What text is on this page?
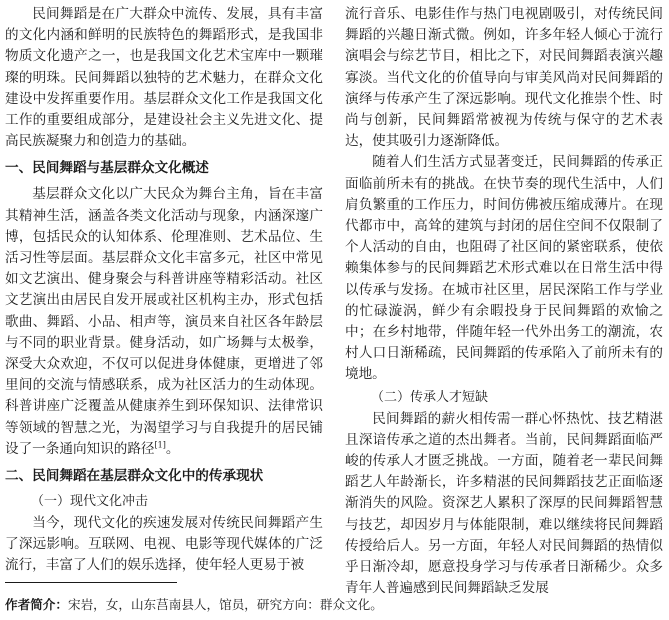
民间舞蹈是在广大群众中流传、发展，具有丰富的文化内涵和鲜明的民族特色的舞蹈形式，是我国非物质文化遗产之一，也是我国文化艺术宝库中一颗璀璨的明珠。民间舞蹈以独特的艺术魅力，在群众文化建设中发挥重要作用。基层群众文化工作是我国文化工作的重要组成部分，是建设社会主义先进文化、提高民族凝聚力和创造力的基础。

一、民间舞蹈与基层群众文化概述

基层群众文化以广大民众为舞台主角，旨在丰富其精神生活，涵盖各类文化活动与现象，内涵深邃广博，包括民众的认知体系、伦理准则、艺术品位、生活习性等层面。基层群众文化丰富多元，社区中常见如文艺演出、健身聚会与科普讲座等精彩活动。社区文艺演出由居民自发开展或社区机构主办，形式包括歌曲、舞蹈、小品、相声等，演员来自社区各年龄层与不同的职业背景。健身活动，如广场舞与太极拳，深受大众欢迎，不仅可以促进身体健康，更增进了邻里间的交流与情感联系，成为社区活力的生动体现。科普讲座广泛覆盖从健康养生到环保知识、法律常识等领域的智慧之光，为渴望学习与自我提升的居民铺设了一条通向知识的路径[1]。

二、民间舞蹈在基层群众文化中的传承现状
（一）现代文化冲击

当今，现代文化的疾速发展对传统民间舞蹈产生了深远影响。互联网、电视、电影等现代媒体的广泛流行，丰富了人们的娱乐选择，使年轻人更易于被

流行音乐、电影佳作与热门电视剧吸引，对传统民间舞蹈的兴趣日渐式微。例如，许多年轻人倾心于流行演唱会与综艺节目，相比之下，对民间舞蹈表演兴趣寡淡。当代文化的价值导向与审美风尚对民间舞蹈的演绎与传承产生了深远影响。现代文化推崇个性、时尚与创新，民间舞蹈常被视为传统与保守的艺术表达，使其吸引力逐渐降低。

随着人们生活方式显著变迁，民间舞蹈的传承正面临前所未有的挑战。在快节奏的现代生活中，人们肩负繁重的工作压力，时间仿佛被压缩成薄片。在现代都市中，高耸的建筑与封闭的居住空间不仅限制了个人活动的自由，也阻碍了社区间的紧密联系，使依赖集体参与的民间舞蹈艺术形式难以在日常生活中得以传承与发扬。在城市社区里，居民深陷工作与学业的忙碌漩涡，鲜少有余暇投身于民间舞蹈的欢愉之中；在乡村地带，伴随年轻一代外出务工的潮流，农村人口日渐稀疏，民间舞蹈的传承陷入了前所未有的境地。

（二）传承人才短缺

民间舞蹈的薪火相传需一群心怀热忱、技艺精湛且深谙传承之道的杰出舞者。当前，民间舞蹈面临严峻的传承人才匮乏挑战。一方面，随着老一辈民间舞蹈艺人年龄渐长，许多精湛的民间舞蹈技艺正面临逐渐消失的风险。资深艺人累积了深厚的民间舞蹈智慧与技艺，却因岁月与体能限制，难以继续将民间舞蹈传授给后人。另一方面，年轻人对民间舞蹈的热情似乎日渐冷却，愿意投身学习与传承者日渐稀少。众多青年人普遍感到民间舞蹈缺乏发展

作者简介：宋岩，女，山东莒南县人，馆员，研究方向：群众文化。
